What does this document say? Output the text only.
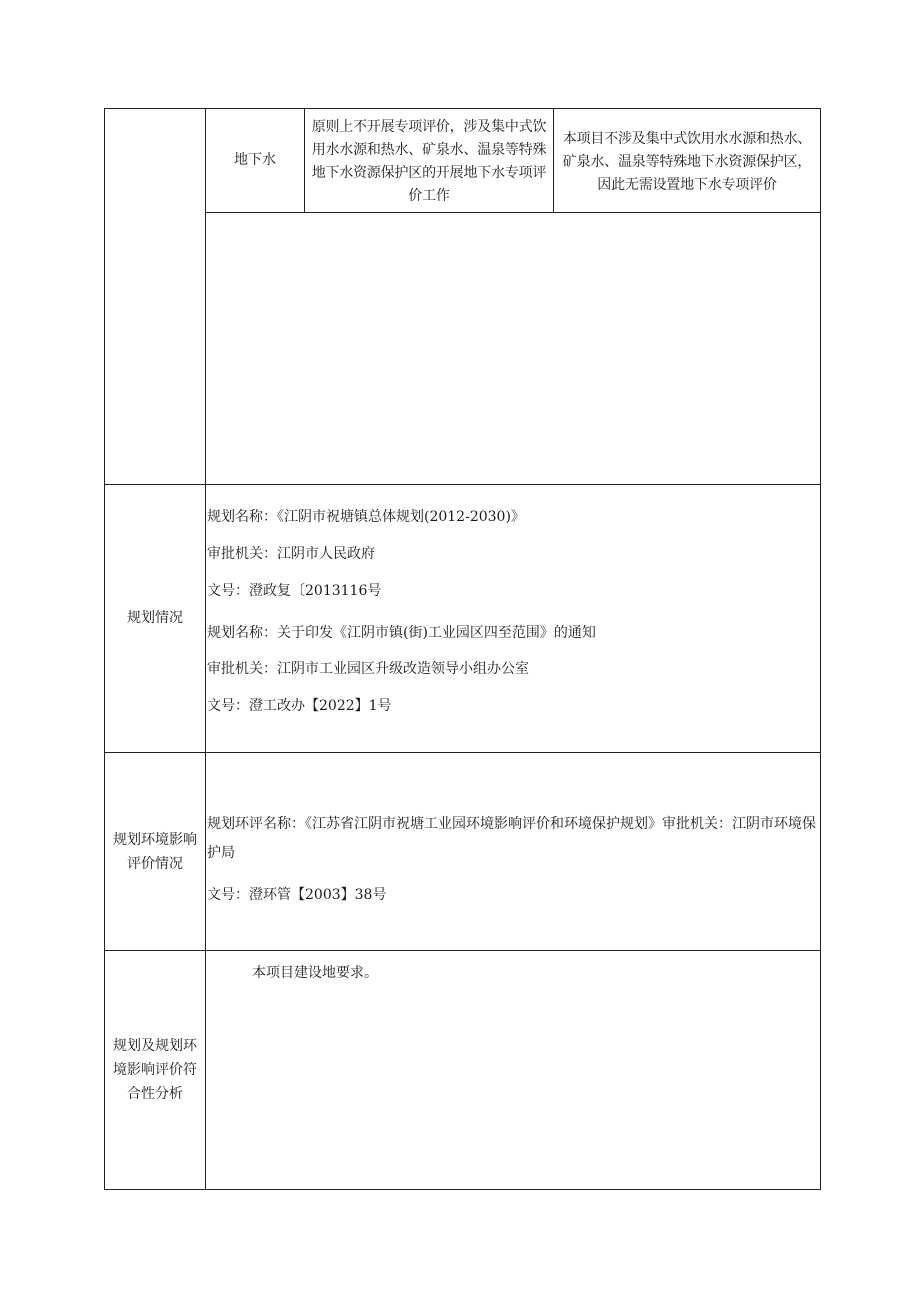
地下水
原则上不开展专项评价，涉及集中式饮用水水源和热水、矿泉水、温泉等特殊地下水资源保护区的开展地下水专项评价工作
本项目不涉及集中式饮用水水源和热水、矿泉水、温泉等特殊地下水资源保护区，因此无需设置地下水专项评价
规划情况
规划名称：《江阴市祝塘镇总体规划(2012-2030)》
审批机关：江阴市人民政府
文号：澄政复〔2013116号
规划名称：关于印发《江阴市镇(街)工业园区四至范围》的通知
审批机关：江阴市工业园区升级改造领导小组办公室
文号：澄工改办【2022】1号
规划环境影响评价情况
规划环评名称：《江苏省江阴市祝塘工业园环境影响评价和环境保护规划》审批机关：江阴市环境保护局
文号：澄环管【2003】38号
规划及规划环境影响评价符合性分析
本项目建设地要求。
